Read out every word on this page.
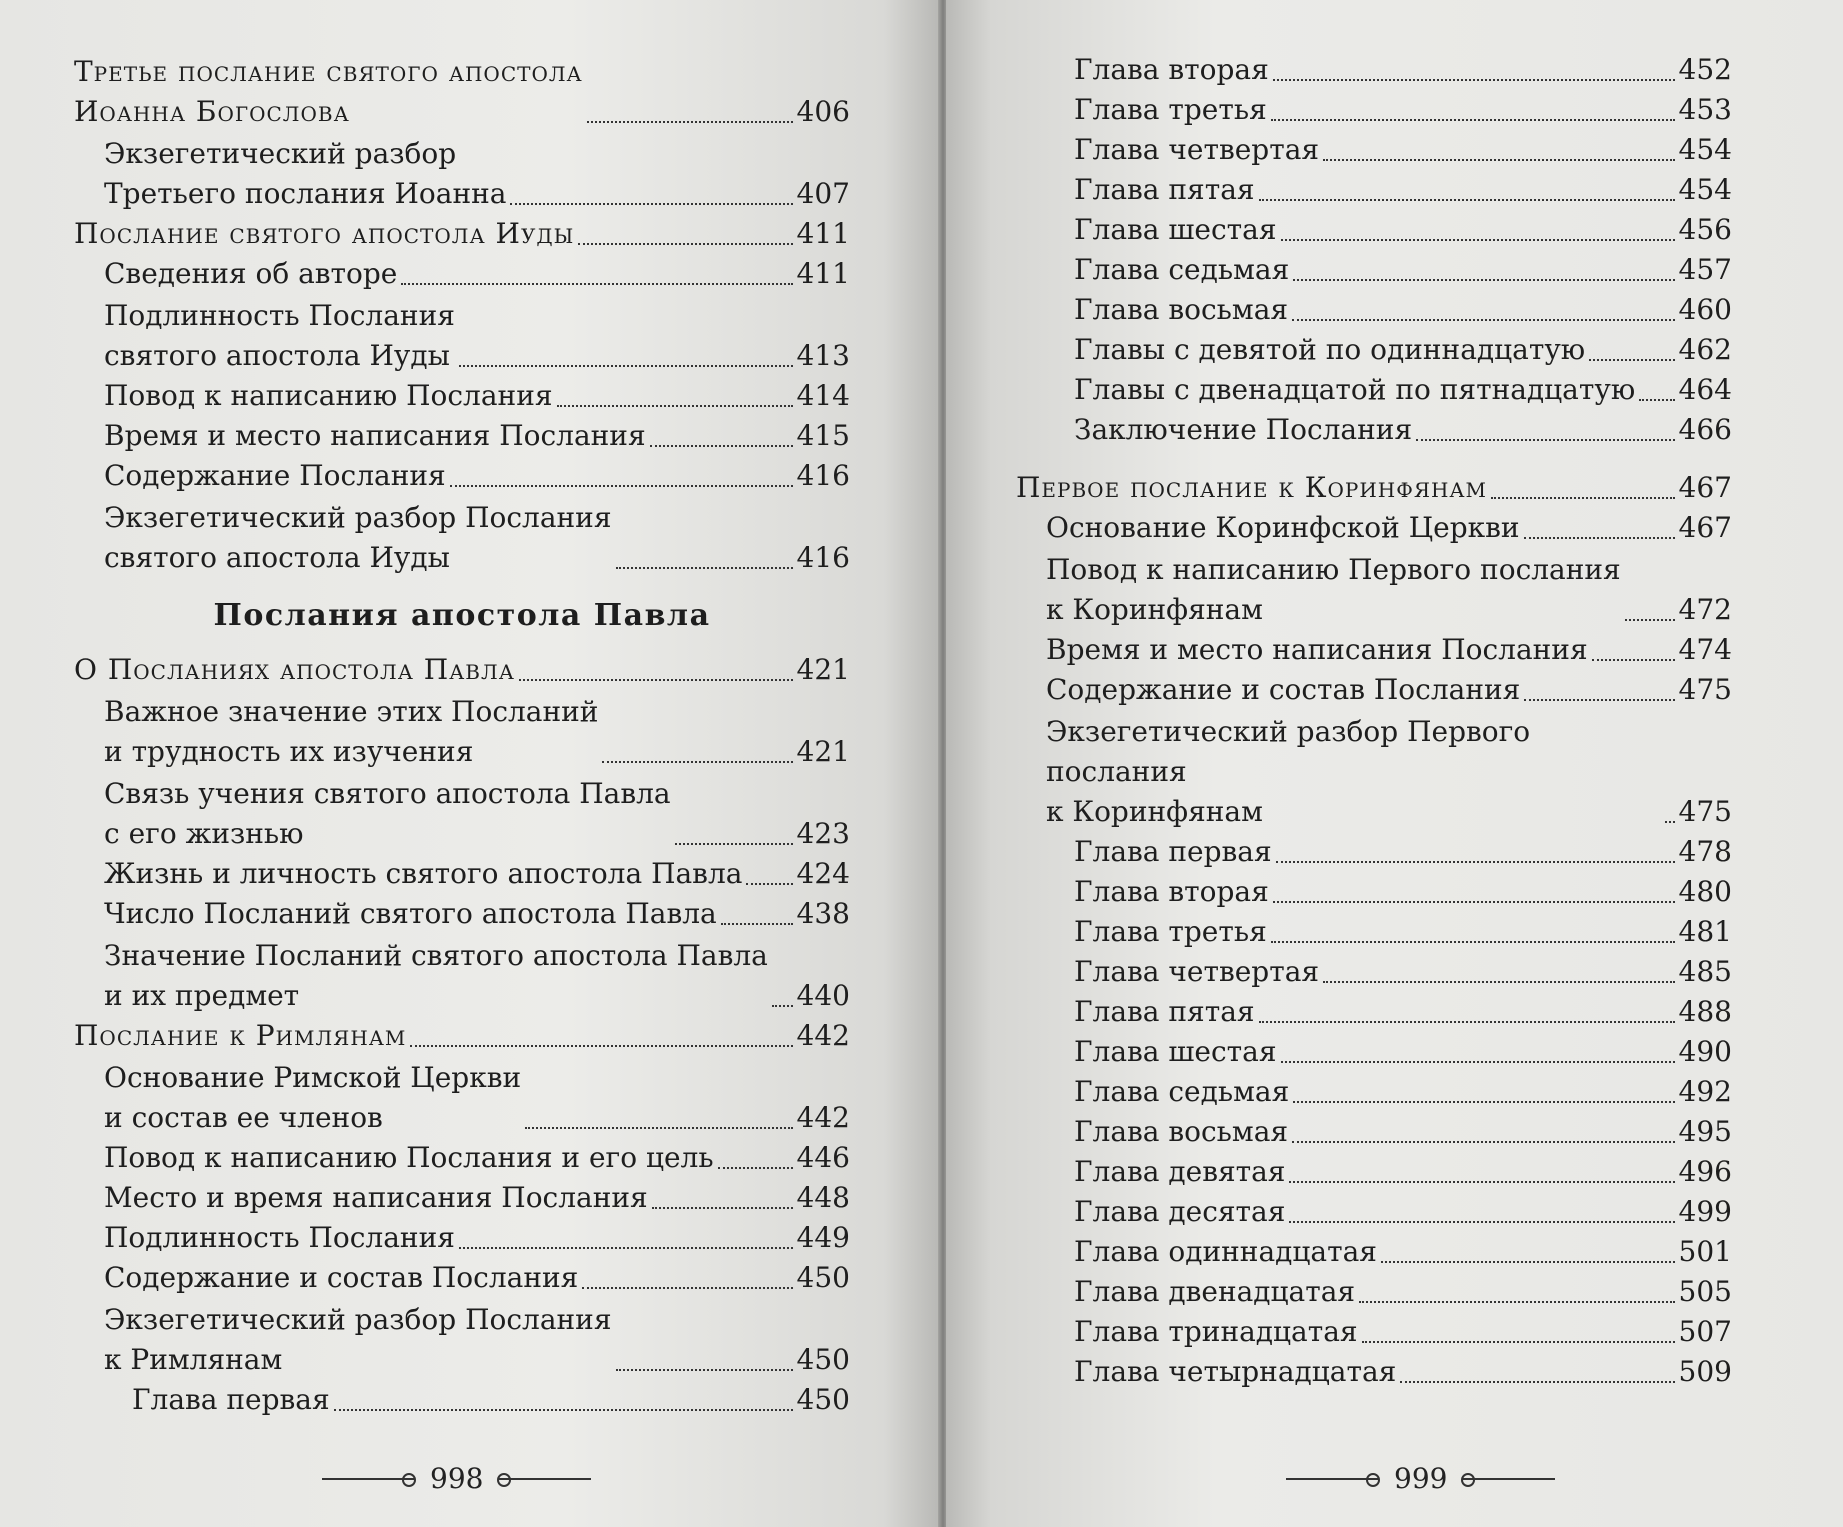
Третье послание святого апостола
Иоанна Богослова	406
Экзегетический разбор
Третьего послания Иоанна	407
Послание святого апостола Иуды	411
Сведения об авторе	411
Подлинность Послания
святого апостола Иуды	413
Повод к написанию Послания	414
Время и место написания Послания	415
Содержание Послания	416
Экзегетический разбор Послания
святого апостола Иуды	416
Послания апостола Павла
О Посланиях апостола Павла	421
Важное значение этих Посланий
и трудность их изучения	421
Связь учения святого апостола Павла
с его жизнью	423
Жизнь и личность святого апостола Павла 424
Число Посланий святого апостола Павла	438
Значение Посланий святого апостола Павла
и их предмет	440
Послание к Римлянам	442
Основание Римской Церкви
и состав ее членов	442
Повод к написанию Послания и его цель	446
Место и время написания Послания	448
Подлинность Послания	449
Содержание и состав Послания	450
Экзегетический разбор Послания
к Римлянам	450
Глава первая	450
998
Глава вторая	452
Глава третья	453
Глава четвертая	454
Глава пятая	454
Глава шестая	456
Глава седьмая	457
Глава восьмая	460
Главы с девятой по одиннадцатую	462
Главы с двенадцатой по пятнадцатую 464
Заключение Послания	466
Первое послание к Коринфянам	467
Основание Коринфской Церкви	467
Повод к написанию Первого послания
к Коринфянам	472
Время и место написания Послания	474
Содержание и состав Послания	475
Экзегетический разбор Первого послания
к Коринфянам	475
Глава первая	478
Глава вторая	480
Глава третья	481
Глава четвертая	485
Глава пятая	488
Глава шестая	490
Глава седьмая	492
Глава восьмая	495
Глава девятая	496
Глава десятая	499
Глава одиннадцатая	501
Глава двенадцатая	505
Глава тринадцатая	507
Глава четырнадцатая	509
999
